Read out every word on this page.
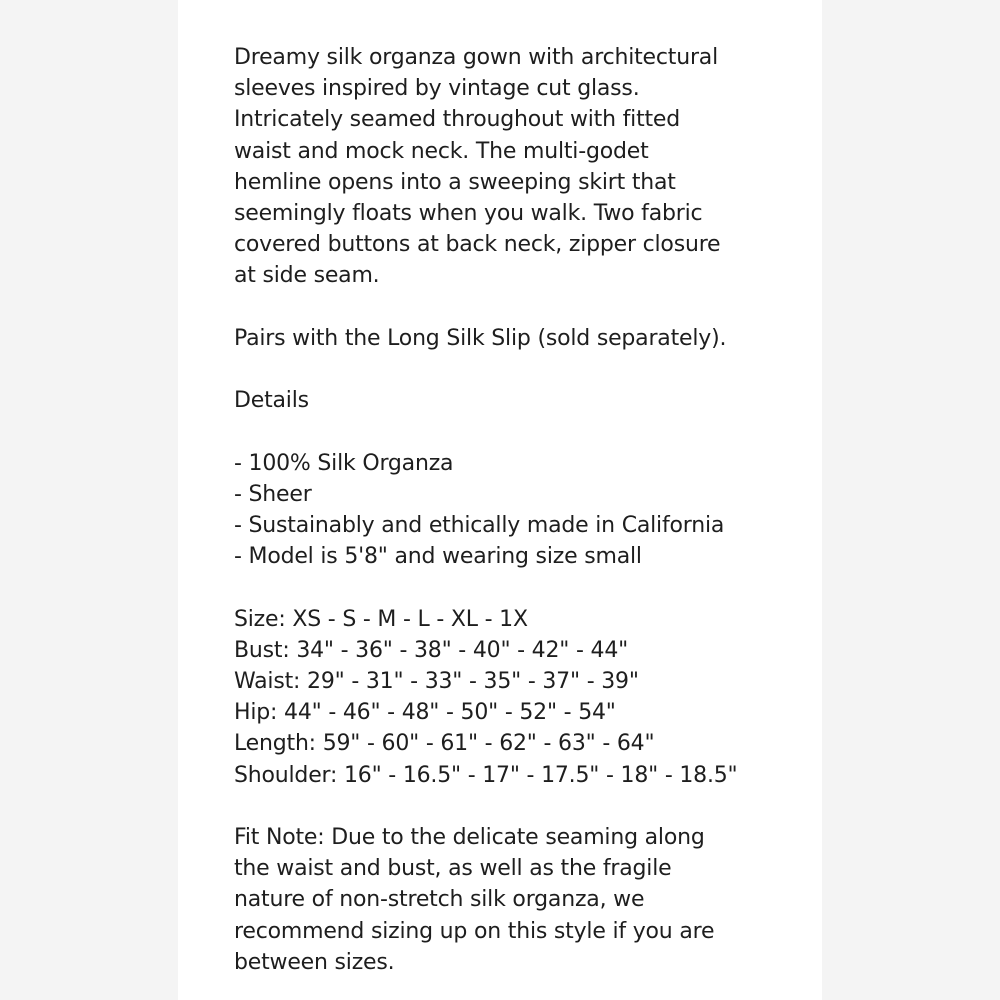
Dreamy silk organza gown with architectural
sleeves inspired by vintage cut glass.
Intricately seamed throughout with fitted
waist and mock neck. The multi-godet
hemline opens into a sweeping skirt that
seemingly floats when you walk. Two fabric
covered buttons at back neck, zipper closure
at side seam.
Pairs with the Long Silk Slip (sold separately).
Details
- 100% Silk Organza
- Sheer
- Sustainably and ethically made in California
- Model is 5'8" and wearing size small
Size: XS - S - M - L - XL - 1X
Bust: 34" - 36" - 38" - 40" - 42" - 44"
Waist: 29" - 31" - 33" - 35" - 37" - 39"
Hip: 44" - 46" - 48" - 50" - 52" - 54"
Length: 59" - 60" - 61" - 62" - 63" - 64"
Shoulder: 16" - 16.5" - 17" - 17.5" - 18" - 18.5"
Fit Note: Due to the delicate seaming along
the waist and bust, as well as the fragile
nature of non-stretch silk organza, we
recommend sizing up on this style if you are
between sizes.
